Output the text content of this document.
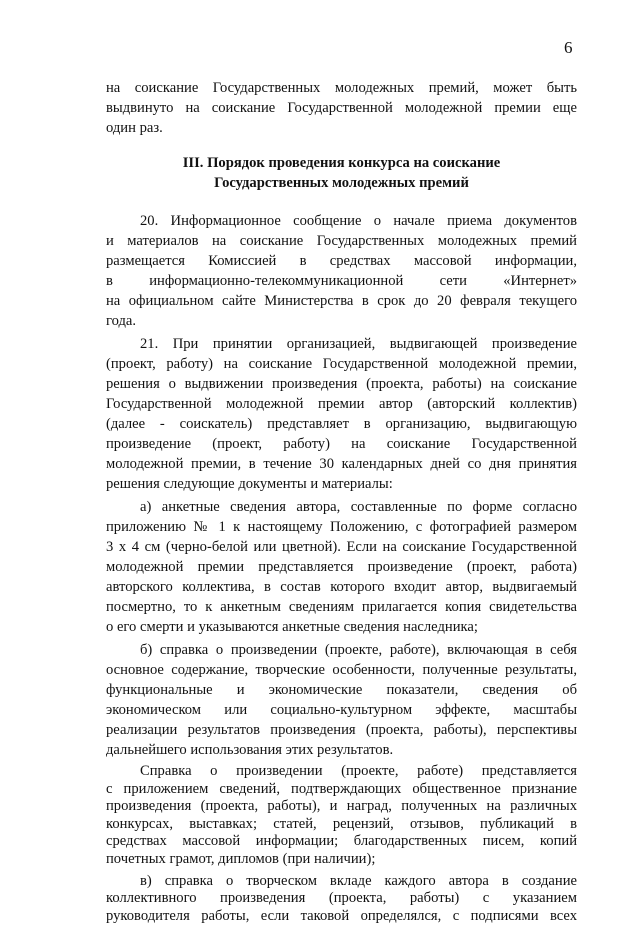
6
на соискание Государственных молодежных премий, может быть
выдвинуто на соискание Государственной молодежной премии еще
один раз.
III. Порядок проведения конкурса на соискание
Государственных молодежных премий
20. Информационное сообщение о начале приема документов
и материалов на соискание Государственных молодежных премий
размещается Комиссией в средствах массовой информации,
в информационно-телекоммуникационной сети «Интернет»
на официальном сайте Министерства в срок до 20 февраля текущего
года.
21. При принятии организацией, выдвигающей произведение
(проект, работу) на соискание Государственной молодежной премии,
решения о выдвижении произведения (проекта, работы) на соискание
Государственной молодежной премии автор (авторский коллектив)
(далее - соискатель) представляет в организацию, выдвигающую
произведение (проект, работу) на соискание Государственной
молодежной премии, в течение 30 календарных дней со дня принятия
решения следующие документы и материалы:
а) анкетные сведения автора, составленные по форме согласно
приложению № 1 к настоящему Положению, с фотографией размером
3 х 4 см (черно-белой или цветной). Если на соискание Государственной
молодежной премии представляется произведение (проект, работа)
авторского коллектива, в состав которого входит автор, выдвигаемый
посмертно, то к анкетным сведениям прилагается копия свидетельства
о его смерти и указываются анкетные сведения наследника;
б) справка о произведении (проекте, работе), включающая в себя
основное содержание, творческие особенности, полученные результаты,
функциональные и экономические показатели, сведения об
экономическом или социально-культурном эффекте, масштабы
реализации результатов произведения (проекта, работы), перспективы
дальнейшего использования этих результатов.
Справка о произведении (проекте, работе) представляется
с приложением сведений, подтверждающих общественное признание
произведения (проекта, работы), и наград, полученных на различных
конкурсах, выставках; статей, рецензий, отзывов, публикаций в
средствах массовой информации; благодарственных писем, копий
почетных грамот, дипломов (при наличии);
в) справка о творческом вкладе каждого автора в создание
коллективного произведения (проекта, работы) с указанием
руководителя работы, если таковой определялся, с подписями всех
